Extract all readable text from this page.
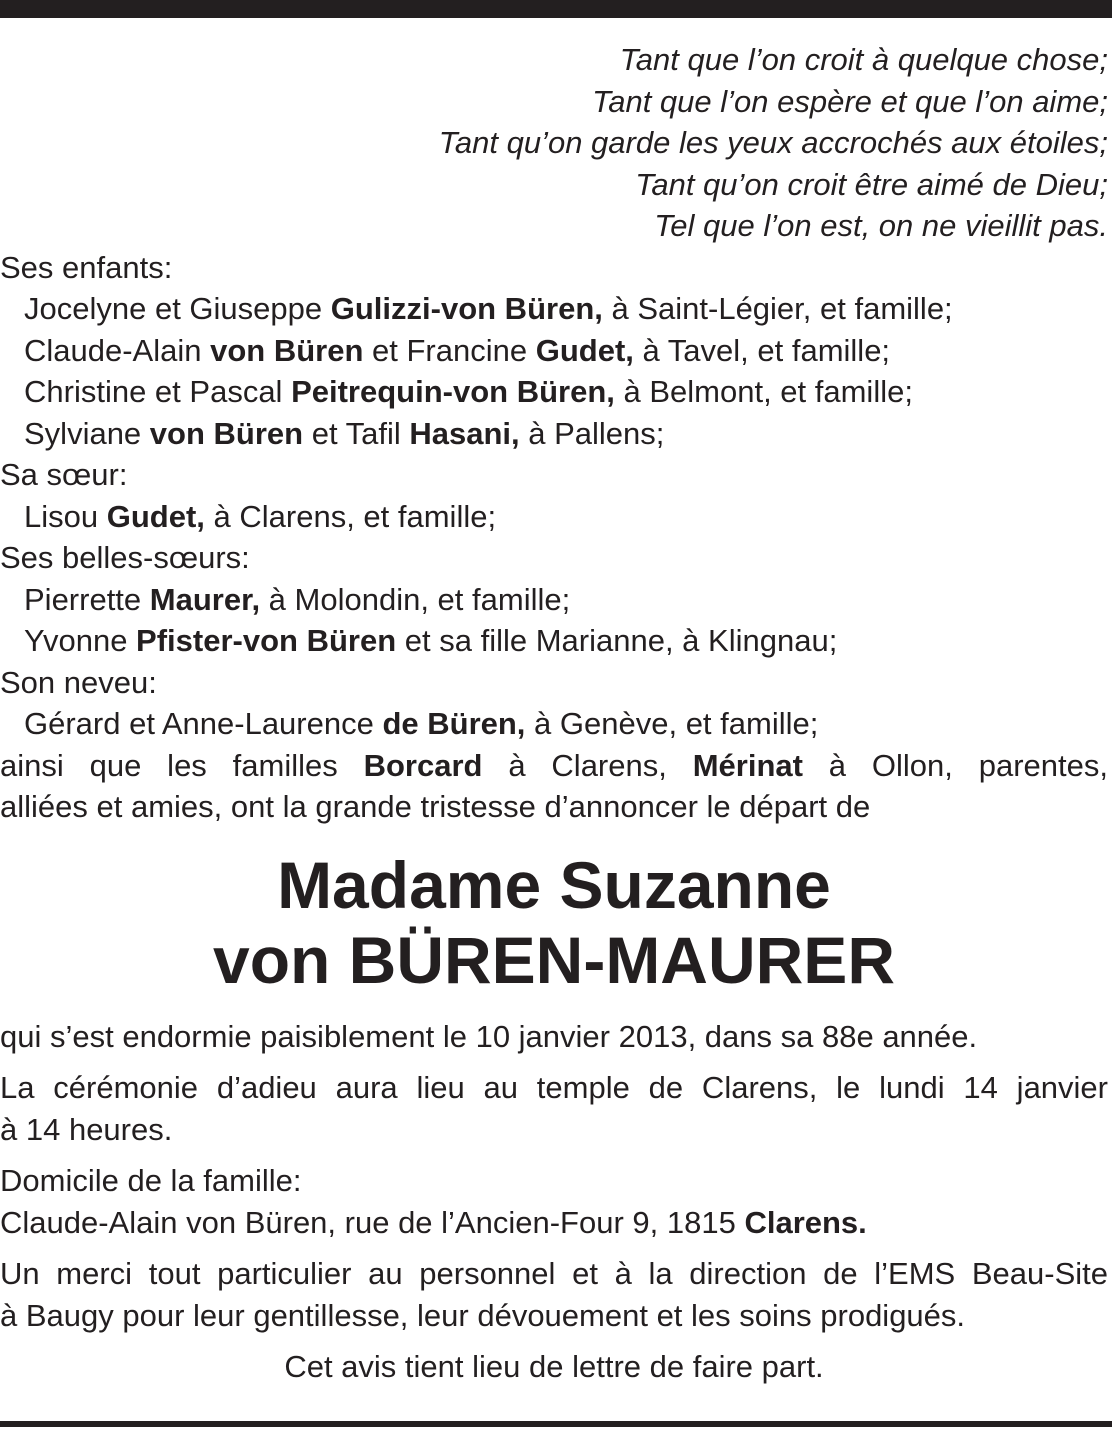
Tant que l’on croit à quelque chose;
Tant que l’on espère et que l’on aime;
Tant qu’on garde les yeux accrochés aux étoiles;
Tant qu’on croit être aimé de Dieu;
Tel que l’on est, on ne vieillit pas.
Ses enfants:
Jocelyne et Giuseppe Gulizzi-von Büren, à Saint-Légier, et famille;
Claude-Alain von Büren et Francine Gudet, à Tavel, et famille;
Christine et Pascal Peitrequin-von Büren, à Belmont, et famille;
Sylviane von Büren et Tafil Hasani, à Pallens;
Sa sœur:
Lisou Gudet, à Clarens, et famille;
Ses belles-sœurs:
Pierrette Maurer, à Molondin, et famille;
Yvonne Pfister-von Büren et sa fille Marianne, à Klingnau;
Son neveu:
Gérard et Anne-Laurence de Büren, à Genève, et famille;
ainsi que les familles Borcard à Clarens, Mérinat à Ollon, parentes,
alliées et amies, ont la grande tristesse d’annoncer le départ de
Madame Suzanne
von BÜREN-MAURER
qui s’est endormie paisiblement le 10 janvier 2013, dans sa 88e année.
La cérémonie d’adieu aura lieu au temple de Clarens, le lundi 14 janvier
à 14 heures.
Domicile de la famille:
Claude-Alain von Büren, rue de l’Ancien-Four 9, 1815 Clarens.
Un merci tout particulier au personnel et à la direction de l’EMS Beau-Site
à Baugy pour leur gentillesse, leur dévouement et les soins prodigués.
Cet avis tient lieu de lettre de faire part.
